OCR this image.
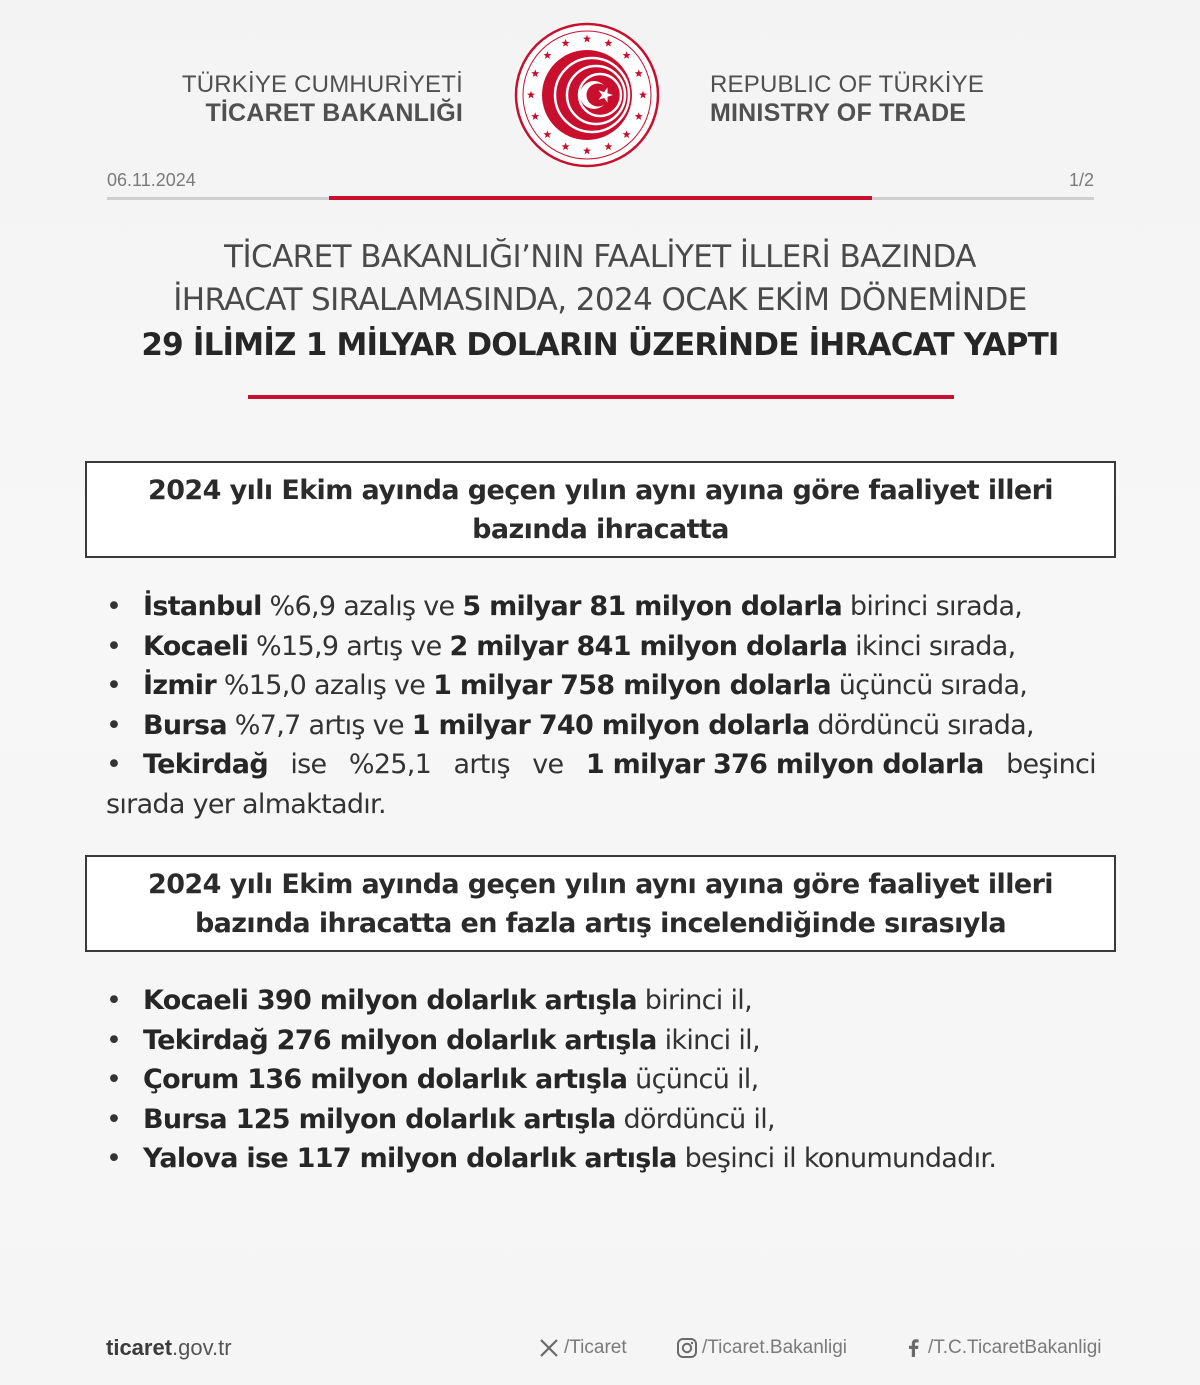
TÜRKİYE CUMHURİYETİ
TİCARET BAKANLIĞI
REPUBLIC OF TÜRKİYE
MINISTRY OF TRADE
06.11.2024	1/2
TİCARET BAKANLIĞI’NIN FAALİYET İLLERİ BAZINDA
İHRACAT SIRALAMASINDA, 2024 OCAK EKİM DÖNEMİNDE
29 İLİMİZ 1 MİLYAR DOLARIN ÜZERİNDE İHRACAT YAPTI
2024 yılı Ekim ayında geçen yılın aynı ayına göre faaliyet illeri
bazında ihracatta
• İstanbul %6,9 azalış ve 5 milyar 81 milyon dolarla birinci sırada,
• Kocaeli %15,9 artış ve 2 milyar 841 milyon dolarla ikinci sırada,
• İzmir %15,0 azalış ve 1 milyar 758 milyon dolarla üçüncü sırada,
• Bursa %7,7 artış ve 1 milyar 740 milyon dolarla dördüncü sırada,
• Tekirdağ ise %25,1 artış ve 1 milyar 376 milyon dolarla beşinci
sırada yer almaktadır.
2024 yılı Ekim ayında geçen yılın aynı ayına göre faaliyet illeri
bazında ihracatta en fazla artış incelendiğinde sırasıyla
• Kocaeli 390 milyon dolarlık artışla birinci il,
• Tekirdağ 276 milyon dolarlık artışla ikinci il,
• Çorum 136 milyon dolarlık artışla üçüncü il,
• Bursa 125 milyon dolarlık artışla dördüncü il,
• Yalova ise 117 milyon dolarlık artışla beşinci il konumundadır.
ticaret.gov.tr	/Ticaret	/Ticaret.Bakanligi	/T.C.TicaretBakanligi
